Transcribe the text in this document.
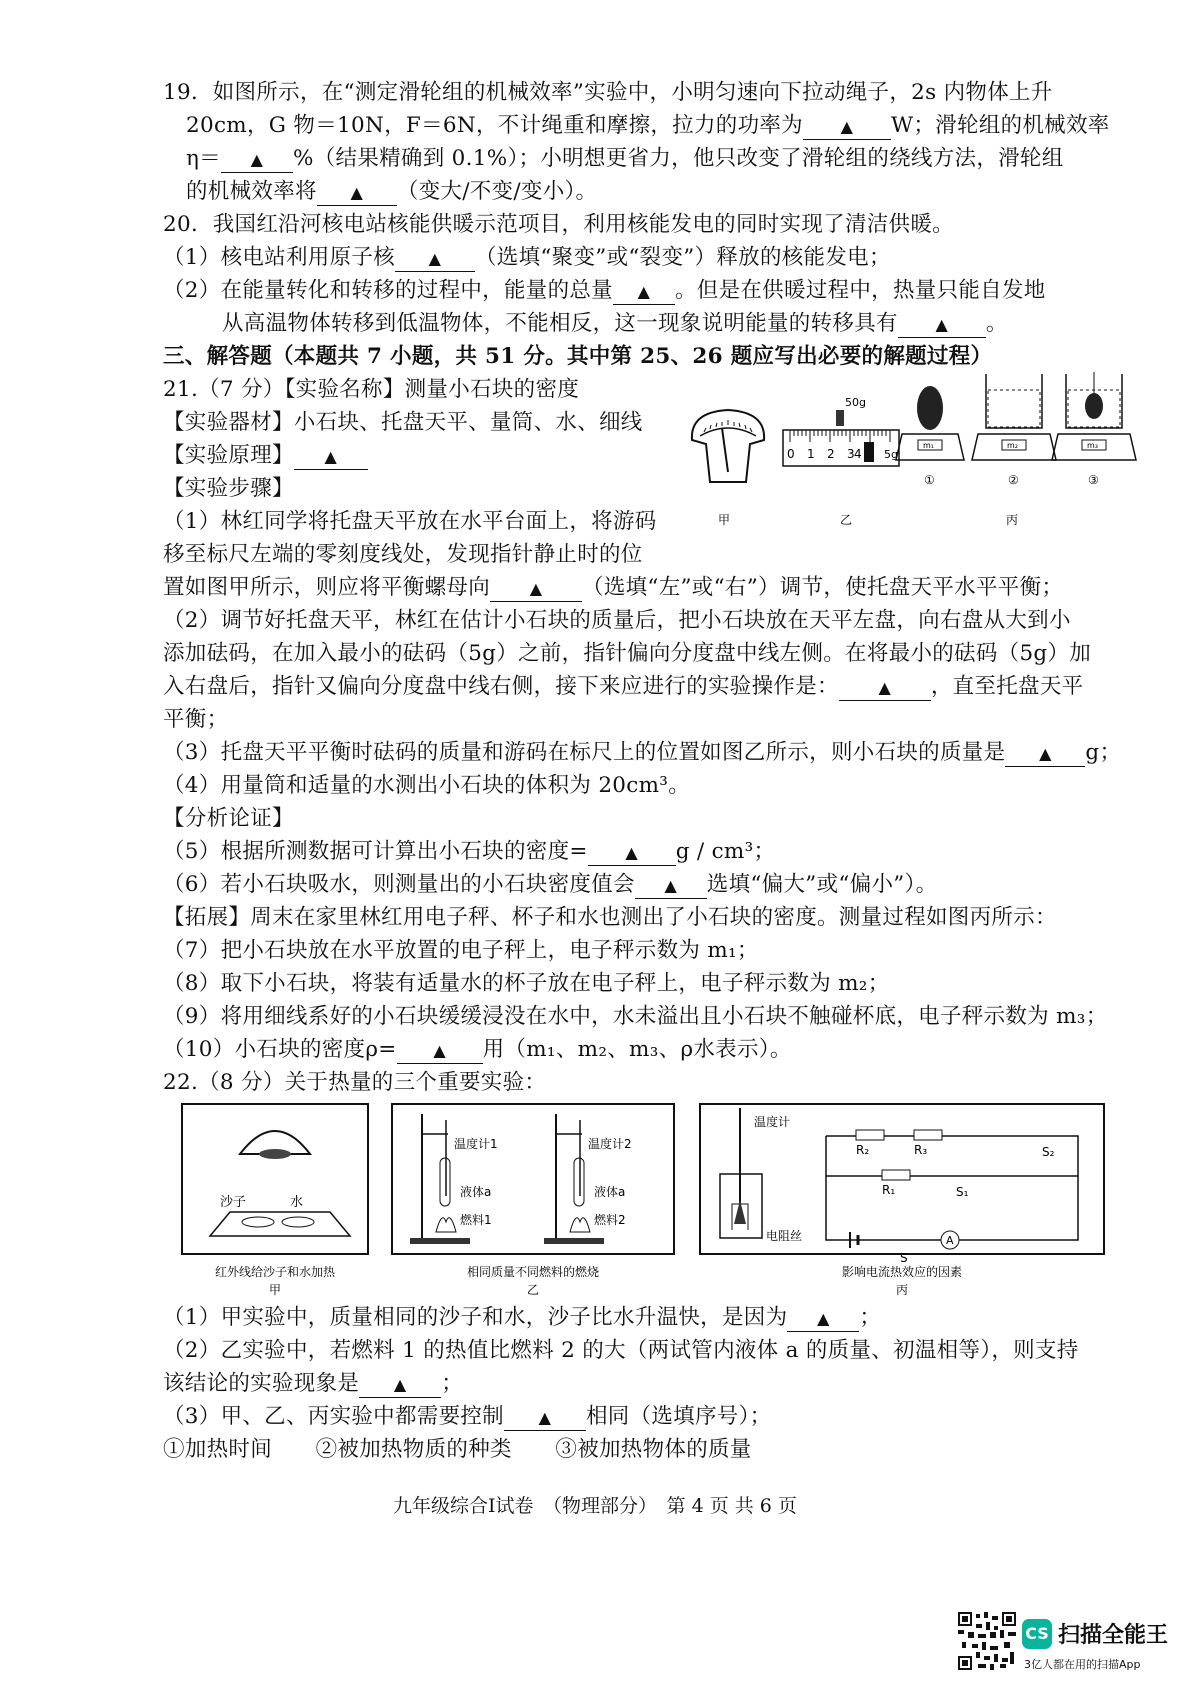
19．如图所示，在“测定滑轮组的机械效率”实验中，小明匀速向下拉动绳子，2s 内物体上升
20cm，G 物＝10N，F＝6N，不计绳重和摩擦，拉力的功率为 ▲ W；滑轮组的机械效率
η＝ ▲ %（结果精确到 0.1%）；小明想更省力，他只改变了滑轮组的绕线方法，滑轮组
的机械效率将 ▲ （变大/不变/变小）。
20．我国红沿河核电站核能供暖示范项目，利用核能发电的同时实现了清洁供暖。
（1）核电站利用原子核 ▲ （选填“聚变”或“裂变”）释放的核能发电；
（2）在能量转化和转移的过程中，能量的总量 ▲ 。但是在供暖过程中，热量只能自发地
从高温物体转移到低温物体，不能相反，这一现象说明能量的转移具有 ▲ 。
三、解答题（本题共 7 小题，共 51 分。其中第 25、26 题应写出必要的解题过程）
21.（7 分）【实验名称】测量小石块的密度
【实验器材】小石块、托盘天平、量筒、水、细线
【实验原理】 ▲
【实验步骤】
（1）林红同学将托盘天平放在水平台面上，将游码
移至标尺左端的零刻度线处，发现指针静止时的位
置如图甲所示，则应将平衡螺母向 ▲ （选填“左”或“右”）调节，使托盘天平水平平衡；
（2）调节好托盘天平，林红在估计小石块的质量后，把小石块放在天平左盘，向右盘从大到小
添加砝码，在加入最小的砝码（5g）之前，指针偏向分度盘中线左侧。在将最小的砝码（5g）加
入右盘后，指针又偏向分度盘中线右侧，接下来应进行的实验操作是： ▲ ，直至托盘天平
平衡；
（3）托盘天平平衡时砝码的质量和游码在标尺上的位置如图乙所示，则小石块的质量是 ▲ g；
（4）用量筒和适量的水测出小石块的体积为 20cm³。
【分析论证】
（5）根据所测数据可计算出小石块的密度= ▲ g / cm³；
（6）若小石块吸水，则测量出的小石块密度值会 ▲ 选填“偏大”或“偏小”）。
【拓展】周末在家里林红用电子秤、杯子和水也测出了小石块的密度。测量过程如图丙所示：
（7）把小石块放在水平放置的电子秤上，电子秤示数为 m₁；
（8）取下小石块，将装有适量水的杯子放在电子秤上，电子秤示数为 m₂；
（9）将用细线系好的小石块缓缓浸没在水中，水未溢出且小石块不触碰杯底，电子秤示数为 m₃；
（10）小石块的密度ρ= ▲ 用（m₁、m₂、m₃、ρ水表示）。
50g
0 1 2 3 4 5g
m₁
①
m₂
②
m₃
③
甲	乙	丙
22.（8 分）关于热量的三个重要实验：
沙子	水
红外线给沙子和水加热
甲
温度计1
液体a
燃料1
温度计2
液体a
燃料2
相同质量不同燃料的燃烧
乙
温度计
电阻丝
R₂	R₃	S₂
R₁	S₁
A
S
影响电流热效应的因素
丙
（1）甲实验中，质量相同的沙子和水，沙子比水升温快，是因为 ▲ ；
（2）乙实验中，若燃料 1 的热值比燃料 2 的大（两试管内液体 a 的质量、初温相等），则支持
该结论的实验现象是 ▲ ；
（3）甲、乙、丙实验中都需要控制 ▲ 相同（选填序号）；
①加热时间　　②被加热物质的种类　　③被加热物体的质量
九年级综合Ⅰ试卷　（物理部分）　第 4 页 共 6 页
CS 扫描全能王
3亿人都在用的扫描App
